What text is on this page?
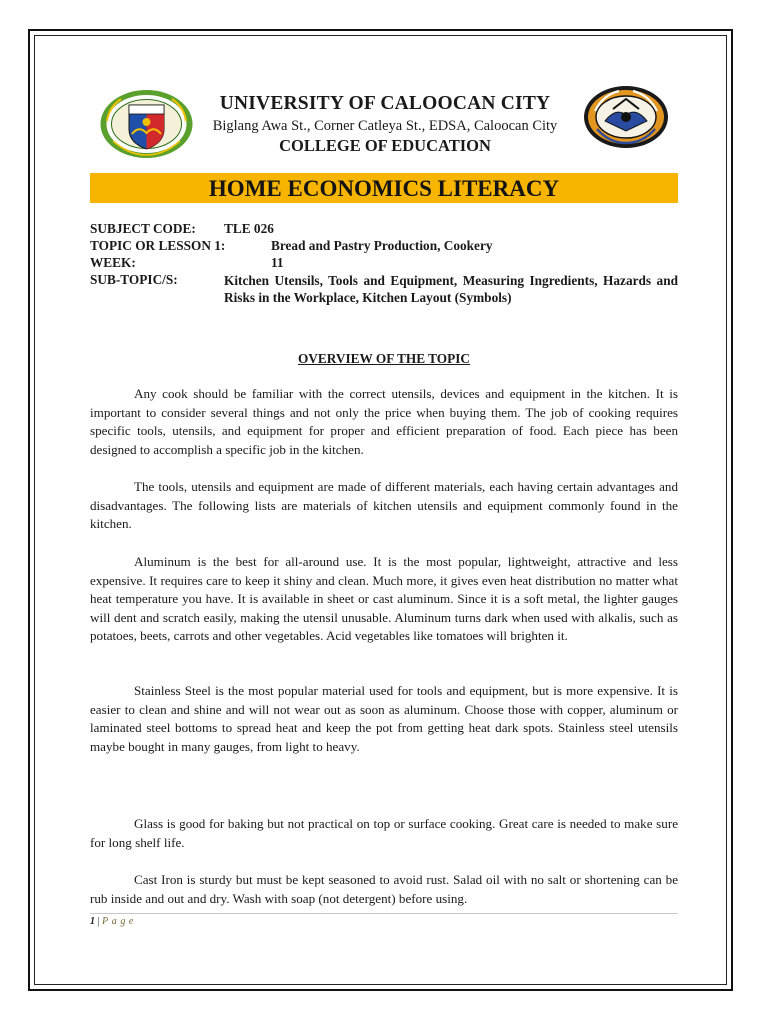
UNIVERSITY OF CALOOCAN CITY
Biglang Awa St., Corner Catleya St., EDSA, Caloocan City
COLLEGE OF EDUCATION
HOME ECONOMICS LITERACY
SUBJECT CODE: TLE 026
TOPIC OR LESSON 1:	Bread and Pastry Production, Cookery
WEEK:	11
SUB-TOPIC/S:	Kitchen Utensils, Tools and Equipment, Measuring Ingredients, Hazards and Risks in the Workplace, Kitchen Layout (Symbols)
OVERVIEW OF THE TOPIC

Any cook should be familiar with the correct utensils, devices and equipment in the kitchen. It is important to consider several things and not only the price when buying them. The job of cooking requires specific tools, utensils, and equipment for proper and efficient preparation of food. Each piece has been designed to accomplish a specific job in the kitchen.

The tools, utensils and equipment are made of different materials, each having certain advantages and disadvantages. The following lists are materials of kitchen utensils and equipment commonly found in the kitchen.

Aluminum is the best for all-around use. It is the most popular, lightweight, attractive and less expensive. It requires care to keep it shiny and clean. Much more, it gives even heat distribution no matter what heat temperature you have. It is available in sheet or cast aluminum. Since it is a soft metal, the lighter gauges will dent and scratch easily, making the utensil unusable. Aluminum turns dark when used with alkalis, such as potatoes, beets, carrots and other vegetables. Acid vegetables like tomatoes will brighten it.

Stainless Steel is the most popular material used for tools and equipment, but is more expensive. It is easier to clean and shine and will not wear out as soon as aluminum. Choose those with copper, aluminum or laminated steel bottoms to spread heat and keep the pot from getting heat dark spots. Stainless steel utensils maybe bought in many gauges, from light to heavy.

Glass is good for baking but not practical on top or surface cooking. Great care is needed to make sure for long shelf life.

Cast Iron is sturdy but must be kept seasoned to avoid rust. Salad oil with no salt or shortening can be rub inside and out and dry. Wash with soap (not detergent) before using.

1 | Page
